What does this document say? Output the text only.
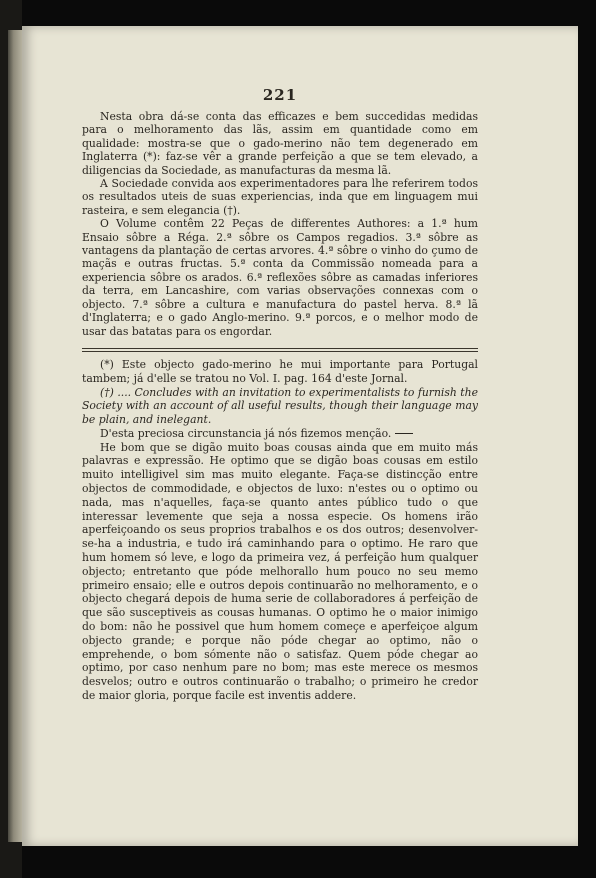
221

Nesta obra dá-se conta das efficazes e bem succedidas medidas para o melhoramento das lãs, assim em quantidade como em qualidade: mostra-se que o gado-merino não tem degenerado em Inglaterra (*): faz-se vêr a grande perfeição a que se tem elevado, a diligencias da Sociedade, as manufacturas da mesma lã.

A Sociedade convida aos experimentadores para lhe referirem todos os resultados uteis de suas experiencias, inda que em linguagem mui rasteira, e sem elegancia (†).

O Volume contêm 22 Peças de differentes Authores: a 1.ª hum Ensaio sôbre a Réga. 2.ª sôbre os Campos regadios. 3.ª sôbre as vantagens da plantação de certas arvores. 4.ª sôbre o vinho do çumo de maçãs e outras fructas. 5.ª conta da Commissão nomeada para a experiencia sôbre os arados. 6.ª reflexões sôbre as camadas inferiores da terra, em Lancashire, com varias observações connexas com o objecto. 7.ª sôbre a cultura e manufactura do pastel herva. 8.ª lã d'Inglaterra; e o gado Anglo-merino. 9.ª porcos, e o melhor modo de usar das batatas para os engordar.

(*) Este objecto gado-merino he mui importante para Portugal tambem; já d'elle se tratou no Vol. I. pag. 164 d'este Jornal.

(†) .... Concludes with an invitation to experimentalists to furnish the Society with an account of all useful results, though their language may be plain, and inelegant.

D'esta preciosa circunstancia já nós fizemos menção.

He bom que se digão muito boas cousas ainda que em muito más palavras e expressão. He optimo que se digão boas cousas em estilo muito intelligivel sim mas muito elegante. Faça-se distincção entre objectos de commodidade, e objectos de luxo: n'estes ou o optimo ou nada, mas n'aquelles, faça-se quanto antes público tudo o que interessar levemente que seja a nossa especie. Os homens irão aperfeiçoando os seus proprios trabalhos e os dos outros; desenvolver-se-ha a industria, e tudo irá caminhando para o optimo. He raro que hum homem só leve, e logo da primeira vez, á perfeição hum qualquer objecto; entretanto que póde melhorallo hum pouco no seu memo primeiro ensaio; elle e outros depois continuarão no melhoramento, e o objecto chegará depois de huma serie de collaboradores á perfeição de que são susceptiveis as cousas humanas. O optimo he o maior inimigo do bom: não he possivel que hum homem começe e aperfeiçoe algum objecto grande; e porque não póde chegar ao optimo, não o emprehende, o bom sómente não o satisfaz. Quem póde chegar ao optimo, por caso nenhum pare no bom; mas este merece os mesmos desvelos; outro e outros continuarão o trabalho; o primeiro he credor de maior gloria, porque facile est inventis addere.
